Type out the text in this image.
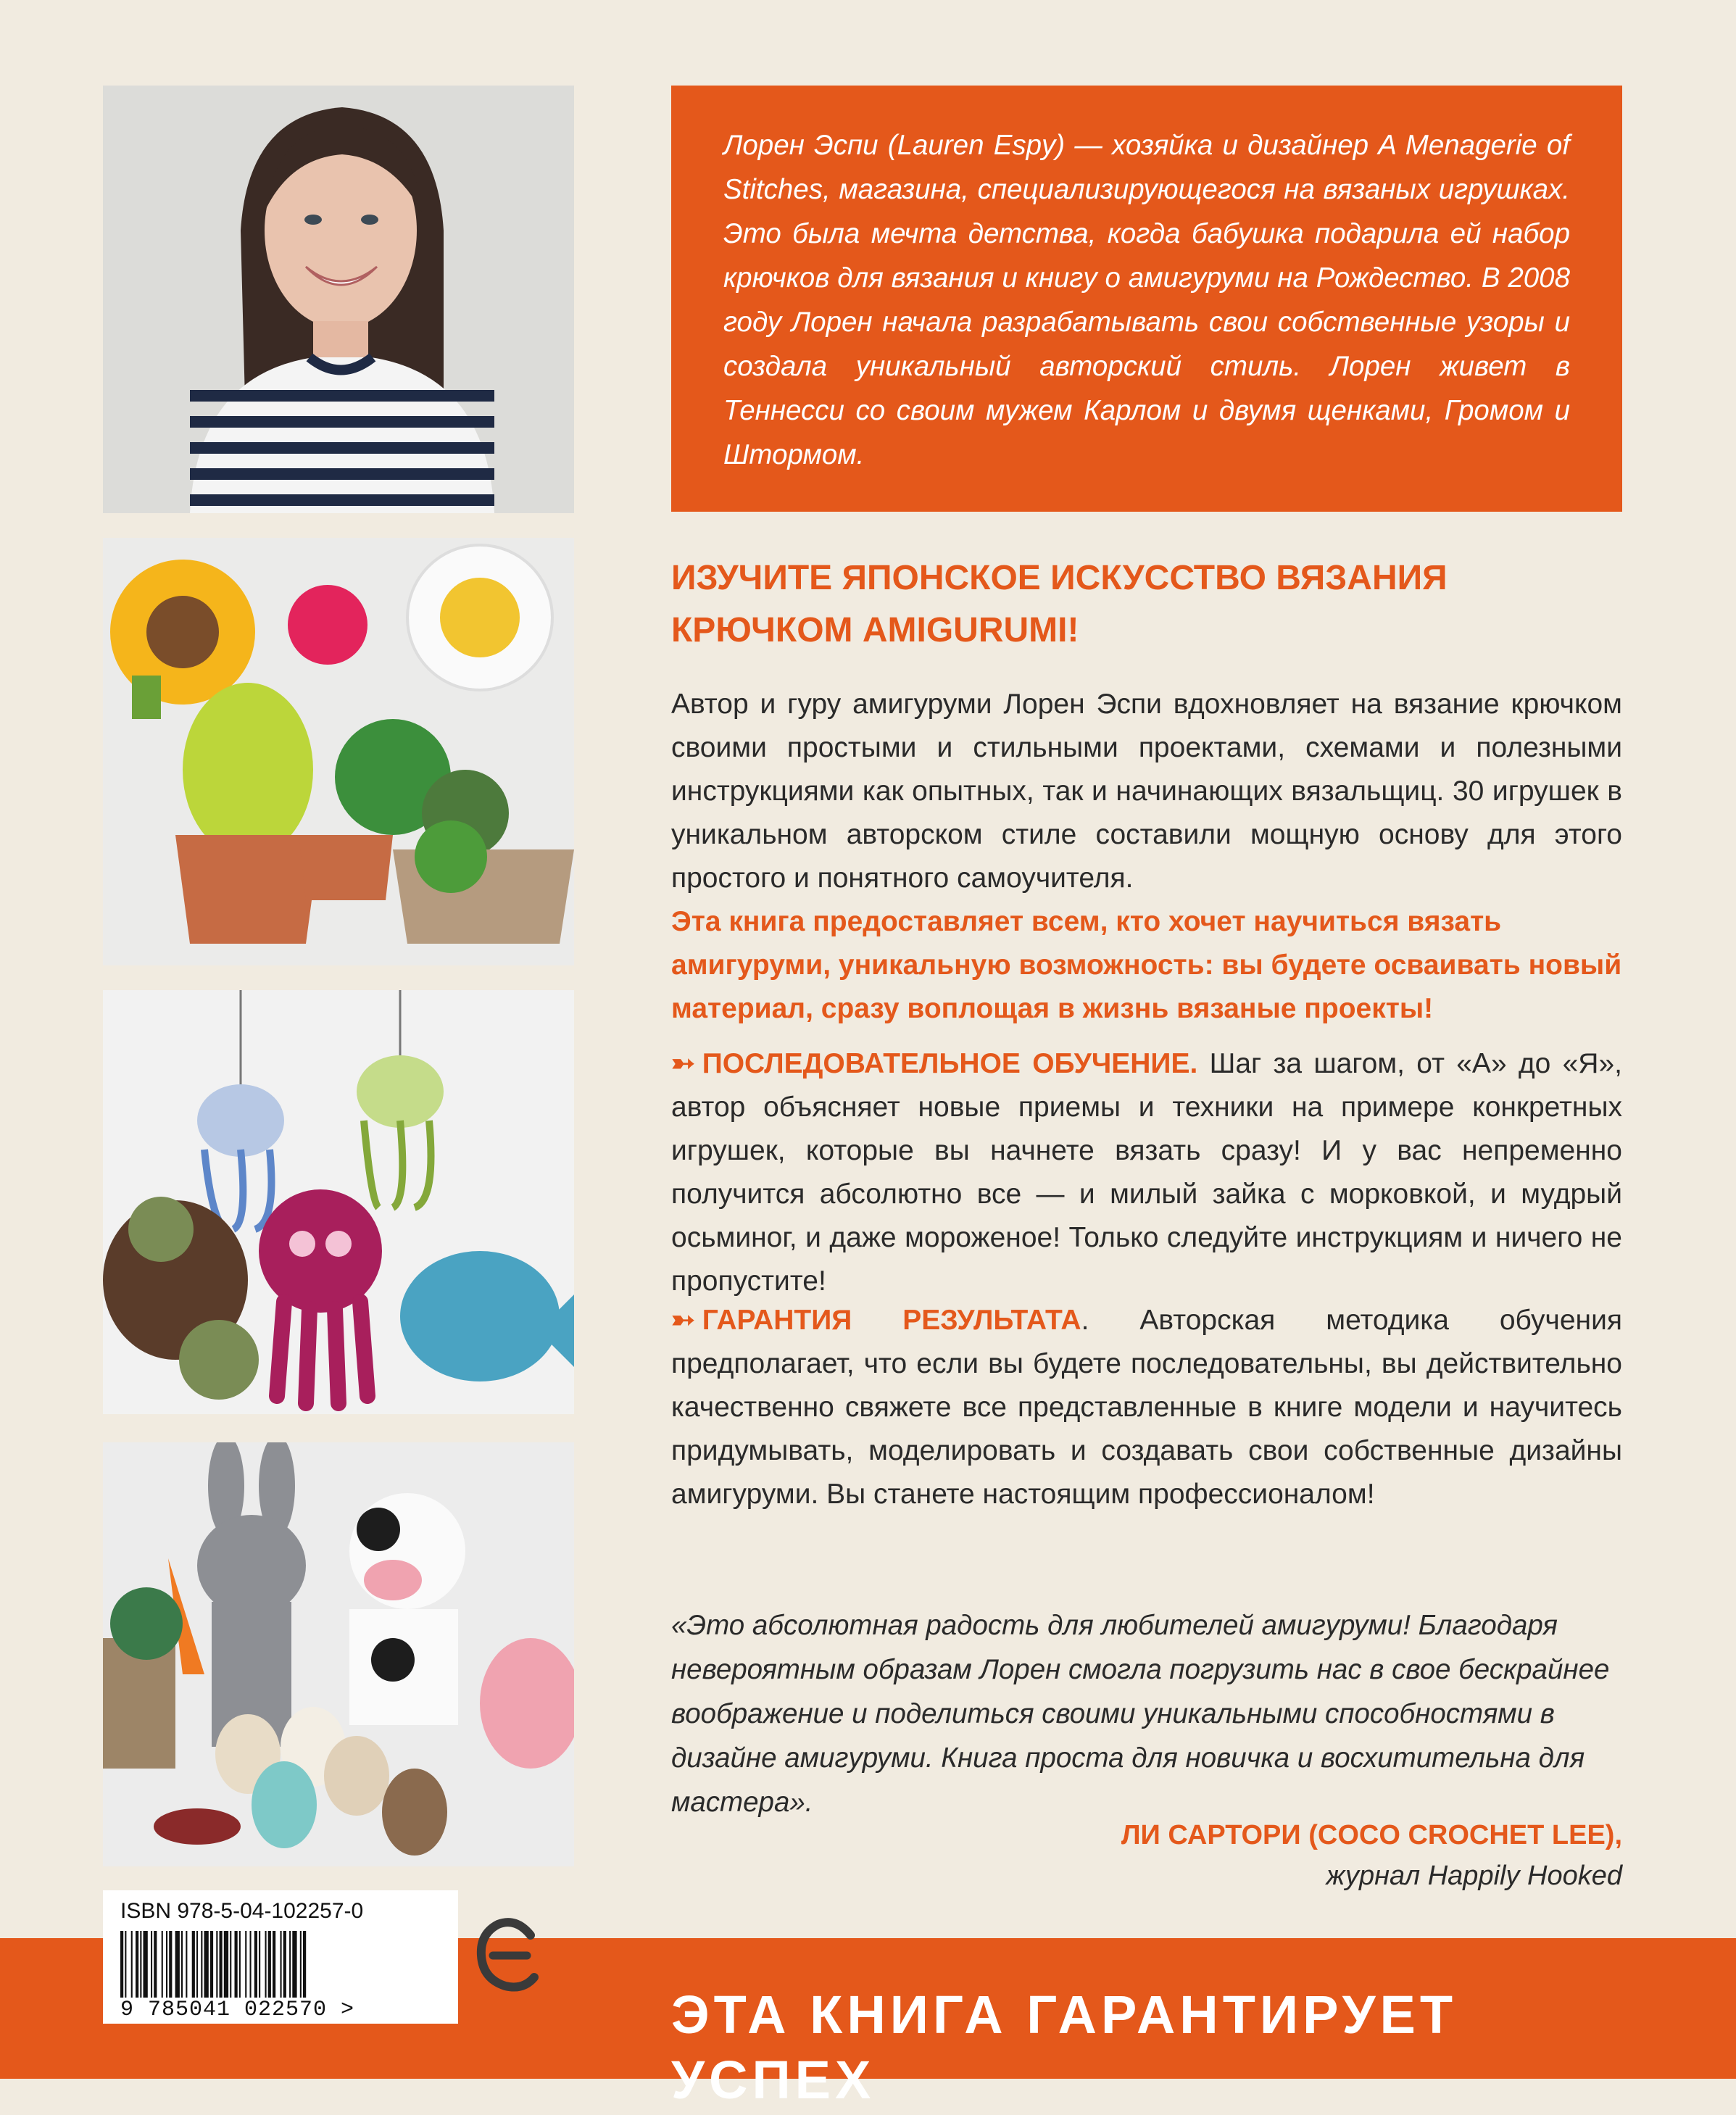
Лорен Эспи (Lauren Espy) — хозяйка и дизайнер A Menagerie of Stitches, магазина, специализирующегося на вязаных игрушках. Это была мечта детства, когда бабушка подарила ей набор крючков для вязания и книгу о амигуруми на Рождество. В 2008 году Лорен начала разрабатывать свои собственные узоры и создала уникальный авторский стиль. Лорен живет в Теннесси со своим мужем Карлом и двумя щенками, Громом и Штормом.

ИЗУЧИТЕ ЯПОНСКОЕ ИСКУССТВО ВЯЗАНИЯ
КРЮЧКОМ AMIGURUMI!

Автор и гуру амигуруми Лорен Эспи вдохновляет на вязание крючком своими простыми и стильными проектами, схемами и полезными инструкциями как опытных, так и начинающих вязальщиц. 30 игрушек в уникальном авторском стиле составили мощную основу для этого простого и понятного самоучителя.

Эта книга предоставляет всем, кто хочет научиться вязать амигуруми, уникальную возможность: вы будете осваивать новый материал, сразу воплощая в жизнь вязаные проекты!

➳ ПОСЛЕДОВАТЕЛЬНОЕ ОБУЧЕНИЕ. Шаг за шагом, от «А» до «Я», автор объясняет новые приемы и техники на примере конкретных игрушек, которые вы начнете вязать сразу! И у вас непременно получится абсолютно все — и милый зайка с морковкой, и мудрый осьминог, и даже мороженое! Только следуйте инструкциям и ничего не пропустите!

➳ ГАРАНТИЯ РЕЗУЛЬТАТА. Авторская методика обучения предполагает, что если вы будете последовательны, вы действительно качественно свяжете все представленные в книге модели и научитесь придумывать, моделировать и создавать свои собственные дизайны амигуруми. Вы станете настоящим профессионалом!

«Это абсолютная радость для любителей амигуруми! Благодаря невероятным образам Лорен смогла погрузить нас в свое бескрайнее воображение и поделиться своими уникальными способностями в дизайне амигуруми. Книга проста для новичка и восхитительна для мастера».

ЛИ САРТОРИ (COCO CROCHET LEE),
журнал Happily Hooked

ЭТА КНИГА ГАРАНТИРУЕТ УСПЕХ

ISBN 978-5-04-102257-0

9 785041 022570 >
